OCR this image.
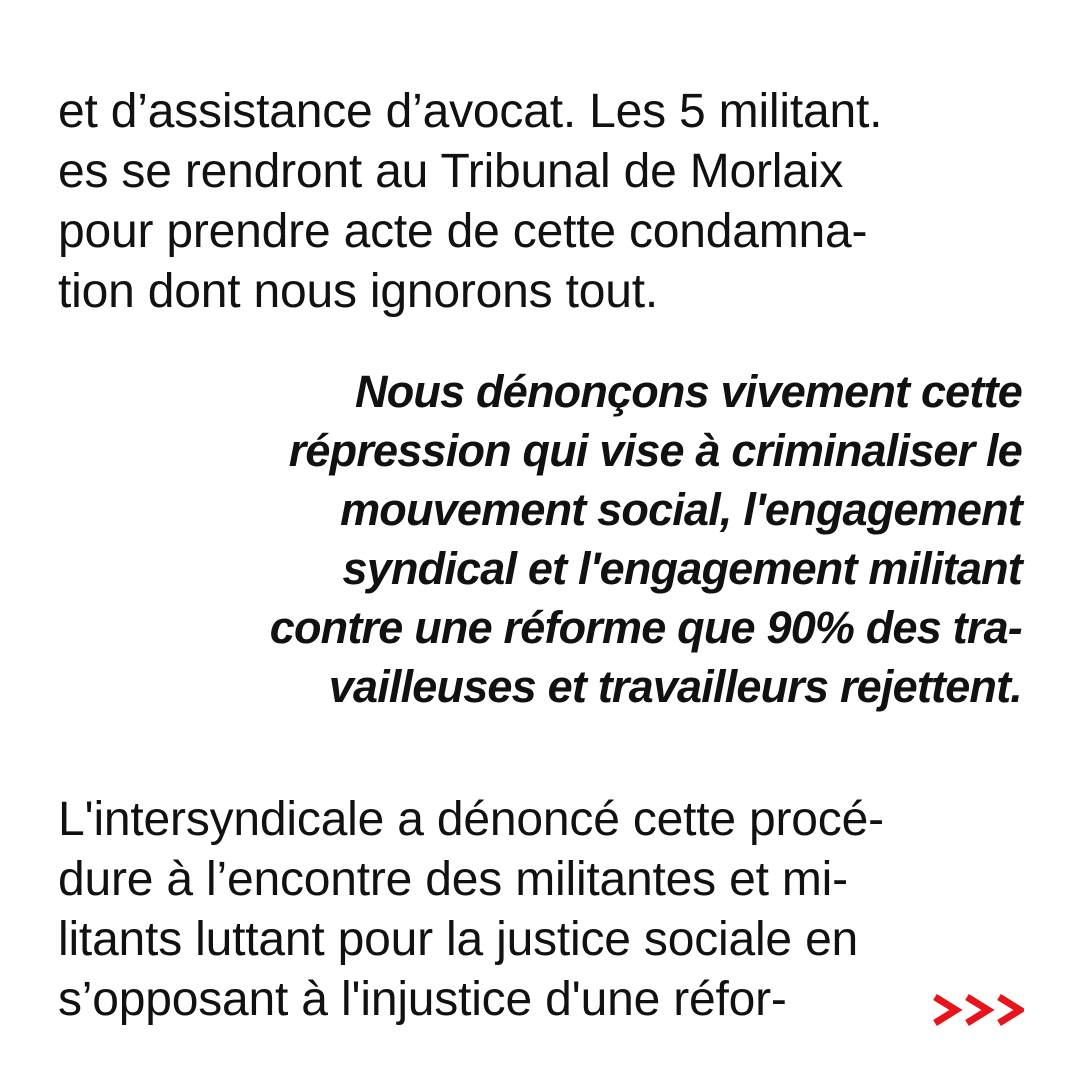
et d’assistance d’avocat. Les 5 militant.
es se rendront au Tribunal de Morlaix
pour prendre acte de cette condamna-
tion dont nous ignorons tout.

Nous dénonçons vivement cette
répression qui vise à criminaliser le
mouvement social, l'engagement
syndical et l'engagement militant
contre une réforme que 90% des tra-
vailleuses et travailleurs rejettent.

L'intersyndicale a dénoncé cette procé-
dure à l’encontre des militantes et mi-
litants luttant pour la justice sociale en
s’opposant à l'injustice d'une réfor-
